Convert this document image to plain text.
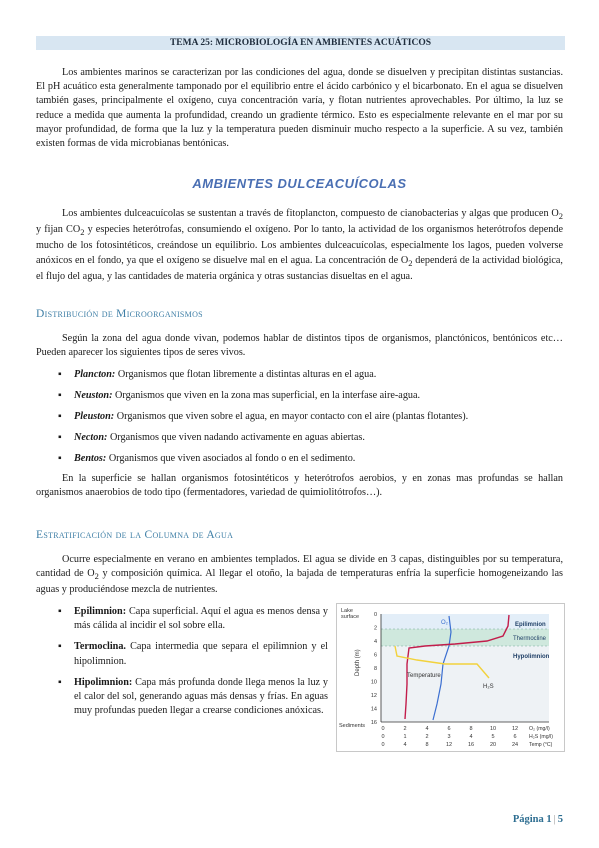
TEMA 25: MICROBIOLOGÍA EN AMBIENTES ACUÁTICOS

Los ambientes marinos se caracterizan por las condiciones del agua, donde se disuelven y precipitan distintas sustancias. El pH acuático esta generalmente tamponado por el equilibrio entre el ácido carbónico y el bicarbonato. En el agua se disuelven también gases, principalmente el oxígeno, cuya concentración varía, y flotan nutrientes aprovechables. Por último, la luz se reduce a medida que aumenta la profundidad, creando un gradiente térmico. Esto es especialmente relevante en el mar por su mayor profundidad, de forma que la luz y la temperatura pueden disminuir mucho respecto a la superficie. A su vez, también existen formas de vida microbianas bentónicas.

AMBIENTES DULCEACUÍCOLAS

Los ambientes dulceacuícolas se sustentan a través de fitoplancton, compuesto de cianobacterias y algas que producen $O_2$ y fijan $CO_2$ y especies heterótrofas, consumiendo el oxígeno. Por lo tanto, la actividad de los organismos heterótrofos depende mucho de los fotosintéticos, creándose un equilibrio. Los ambientes dulceacuícolas, especialmente los lagos, pueden volverse anóxicos en el fondo, ya que el oxígeno se disuelve mal en el agua. La concentración de $O_2$ dependerá de la actividad biológica, el flujo del agua, y las cantidades de materia orgánica y otras sustancias disueltas en el agua.

Distribución de Microorganismos

Según la zona del agua donde vivan, podemos hablar de distintos tipos de organismos, planctónicos, bentónicos etc… Pueden aparecer los siguientes tipos de seres vivos.

▪ Plancton: Organismos que flotan libremente a distintas alturas en el agua.
▪ Neuston: Organismos que viven en la zona mas superficial, en la interfase aire-agua.
▪ Pleuston: Organismos que viven sobre el agua, en mayor contacto con el aire (plantas flotantes).
▪ Necton: Organismos que viven nadando activamente en aguas abiertas.
▪ Bentos: Organismos que viven asociados al fondo o en el sedimento.

En la superficie se hallan organismos fotosintéticos y heterótrofos aerobios, y en zonas mas profundas se hallan organismos anaerobios de todo tipo (fermentadores, variedad de quimiolitótrofos…).

Estratificación de la Columna de Agua

Ocurre especialmente en verano en ambientes templados. El agua se divide en 3 capas, distinguibles por su temperatura, cantidad de $O_2$ y composición química. Al llegar el otoño, la bajada de temperaturas enfría la superficie homogeneizando las aguas y produciéndose mezcla de nutrientes.

▪ Epilimnion: Capa superficial. Aquí el agua es menos densa y más cálida al incidir el sol sobre ella.
▪ Termoclina. Capa intermedia que separa el epilimnion y el hipolimnion.
▪ Hipolimnion: Capa más profunda donde llega menos la luz y el calor del sol, generando aguas más densas y frías. En aguas muy profundas pueden llegar a crearse condiciones anóxicas.
Lake
surface
Sediments
Depth (m)
0
2
4
6
8
10
12
14
16
O₂
Temperature
H₂S
Epilimnion
Thermocline
Hypolimnion
0	2	4	6	8	10	12 O₂ (mg/l)
0	1	2	3	4	5	6 H₂S (mg/l)
0	4	8	12	16	20	24 Temp (°C)
Página 1 | 5
